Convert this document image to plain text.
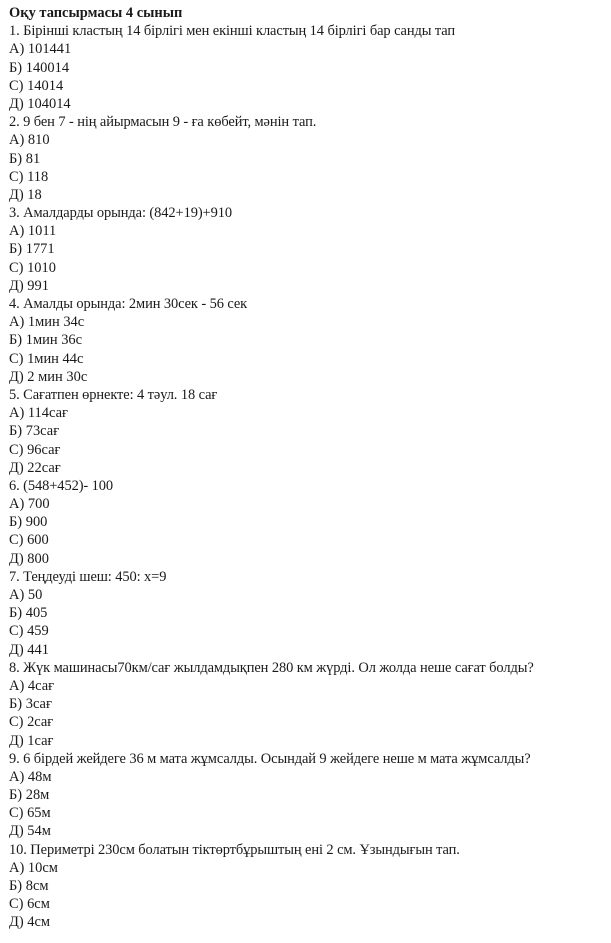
Оқу тапсырмасы 4 сынып
1. Бірінші кластың 14 бірлігі мен екінші кластың 14 бірлігі бар санды тап
А) 101441
Б) 140014
С) 14014
Д) 104014
2. 9 бен 7 - нің айырмасын 9 - ға көбейт, мәнін тап.
А) 810
Б) 81
С) 118
Д) 18
3. Амалдарды орында: (842+19)+910
А) 1011
Б) 1771
С) 1010
Д) 991
4. Амалды орында: 2мин 30сек - 56 сек
А) 1мин 34с
Б) 1мин 36с
С) 1мин 44с
Д) 2 мин 30с
5. Сағатпен өрнекте: 4 тәул. 18 сағ
А) 114сағ
Б) 73сағ
С) 96сағ
Д) 22сағ
6. (548+452)- 100
А) 700
Б) 900
С) 600
Д) 800
7. Теңдеуді шеш: 450: х=9
А) 50
Б) 405
С) 459
Д) 441
8. Жүк машинасы70км/сағ жылдамдықпен 280 км жүрді. Ол жолда неше сағат болды?
А) 4сағ
Б) 3сағ
С) 2сағ
Д) 1сағ
9. 6 бірдей жейдеге 36 м мата жұмсалды. Осындай 9 жейдеге неше м мата жұмсалды?
А) 48м
Б) 28м
С) 65м
Д) 54м
10. Периметрі 230см болатын тіктөртбұрыштың ені 2 см. Ұзындығын тап.
А) 10см
Б) 8см
С) 6см
Д) 4см
